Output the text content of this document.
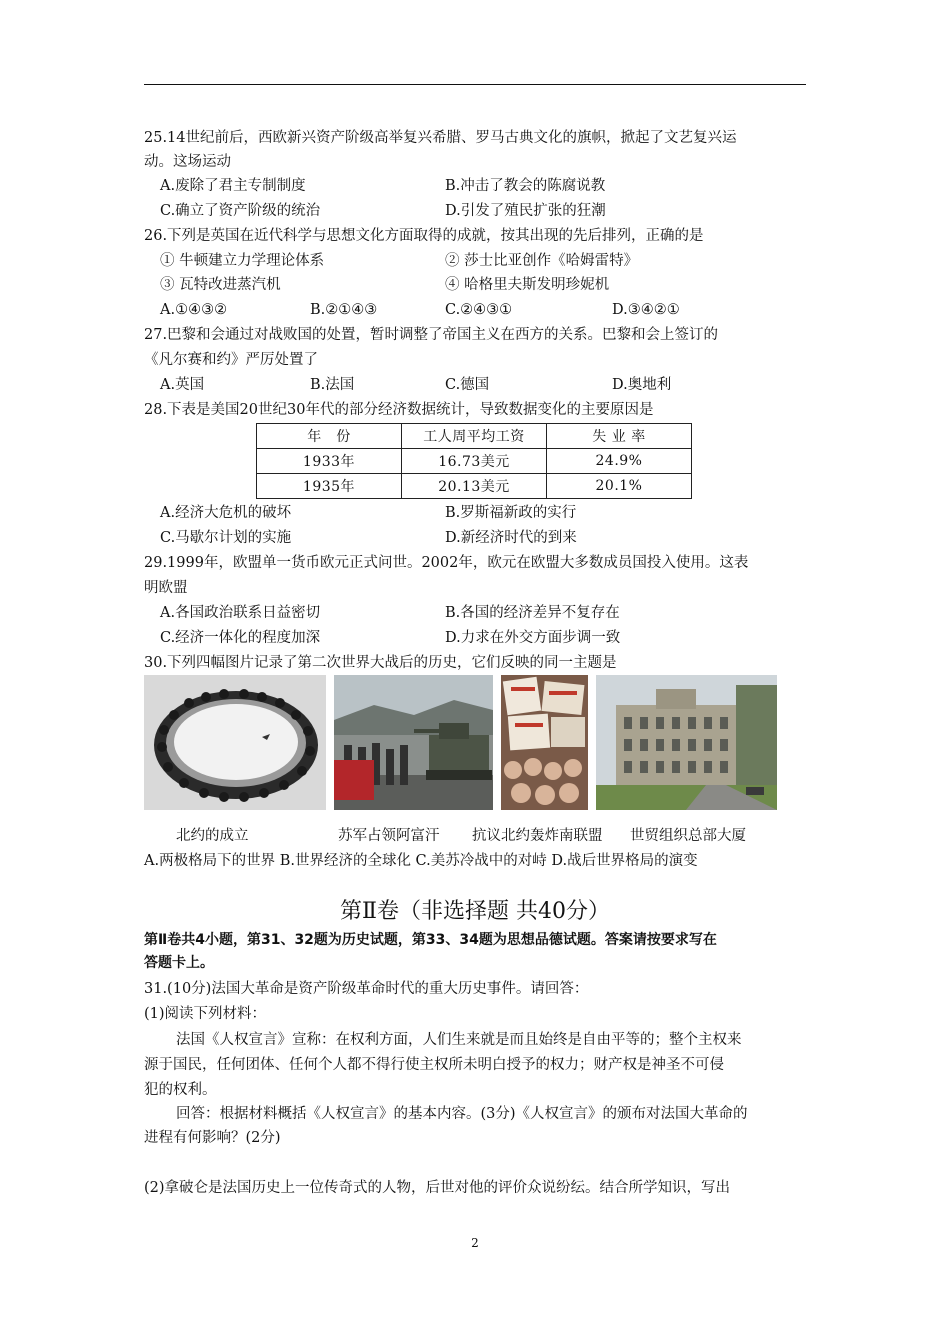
25.14世纪前后，西欧新兴资产阶级高举复兴希腊、罗马古典文化的旗帜，掀起了文艺复兴运
动。这场运动
A.废除了君主专制制度	B.冲击了教会的陈腐说教
C.确立了资产阶级的统治	D.引发了殖民扩张的狂潮
26.下列是英国在近代科学与思想文化方面取得的成就，按其出现的先后排列，正确的是
① 牛顿建立力学理论体系	② 莎士比亚创作《哈姆雷特》
③ 瓦特改进蒸汽机	④ 哈格里夫斯发明珍妮机
A.①④③②	B.②①④③	C.②④③①	D.③④②①
27.巴黎和会通过对战败国的处置，暂时调整了帝国主义在西方的关系。巴黎和会上签订的
《凡尔赛和约》严厉处置了
A.英国	B.法国	C.德国	D.奥地利
28.下表是美国20世纪30年代的部分经济数据统计，导致数据变化的主要原因是
年　份	工人周平均工资	失 业 率
1933年	16.73美元	24.9%
1935年	20.13美元	20.1%
A.经济大危机的破坏	B.罗斯福新政的实行
C.马歇尔计划的实施	D.新经济时代的到来
29.1999年，欧盟单一货币欧元正式问世。2002年，欧元在欧盟大多数成员国投入使用。这表
明欧盟
A.各国政治联系日益密切	B.各国的经济差异不复存在
C.经济一体化的程度加深	D.力求在外交方面步调一致
30.下列四幅图片记录了第二次世界大战后的历史，它们反映的同一主题是
北约的成立	苏军占领阿富汗 抗议北约轰炸南联盟 世贸组织总部大厦
A.两极格局下的世界 B.世界经济的全球化 C.美苏冷战中的对峙 D.战后世界格局的演变
第Ⅱ卷（非选择题 共40分）
第Ⅱ卷共4小题，第31、32题为历史试题，第33、34题为思想品德试题。答案请按要求写在
答题卡上。
31.(10分)法国大革命是资产阶级革命时代的重大历史事件。请回答：
(1)阅读下列材料：
法国《人权宣言》宣称：在权利方面，人们生来就是而且始终是自由平等的；整个主权来
源于国民，任何团体、任何个人都不得行使主权所未明白授予的权力；财产权是神圣不可侵
犯的权利。
回答：根据材料概括《人权宣言》的基本内容。(3分)《人权宣言》的颁布对法国大革命的
进程有何影响？(2分)
(2)拿破仑是法国历史上一位传奇式的人物，后世对他的评价众说纷纭。结合所学知识，写出
2
